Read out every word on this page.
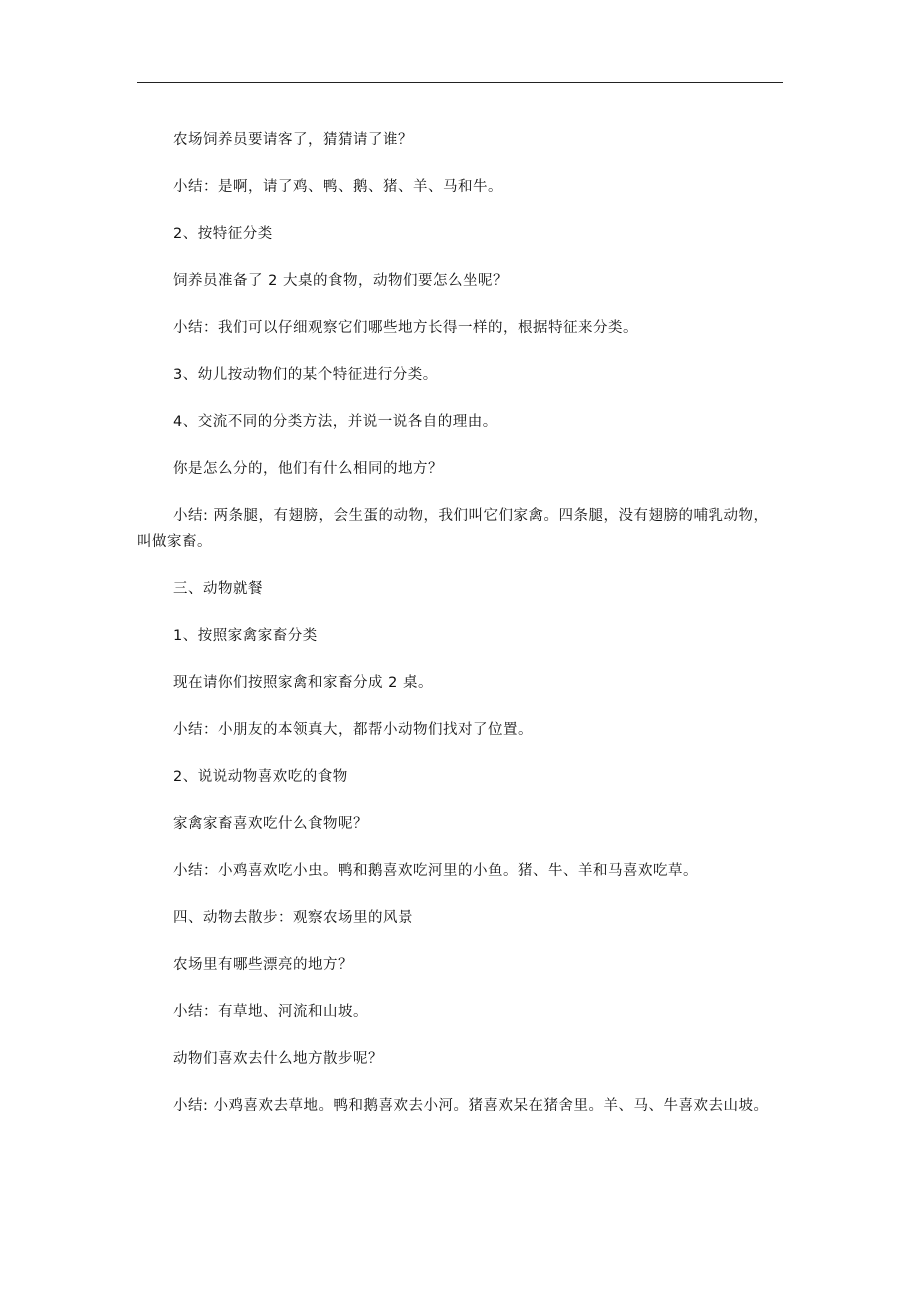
农场饲养员要请客了，猜猜请了谁？

小结：是啊，请了鸡、鸭、鹅、猪、羊、马和牛。

2、按特征分类

饲养员准备了 2 大桌的食物，动物们要怎么坐呢？

小结：我们可以仔细观察它们哪些地方长得一样的，根据特征来分类。

3、幼儿按动物们的某个特征进行分类。

4、交流不同的分类方法，并说一说各自的理由。

你是怎么分的，他们有什么相同的地方？

小结: 两条腿，有翅膀，会生蛋的动物，我们叫它们家禽。四条腿，没有翅膀的哺乳动物，叫做家畜。

三、动物就餐

1、按照家禽家畜分类

现在请你们按照家禽和家畜分成 2 桌。

小结：小朋友的本领真大，都帮小动物们找对了位置。

2、说说动物喜欢吃的食物

家禽家畜喜欢吃什么食物呢？

小结：小鸡喜欢吃小虫。鸭和鹅喜欢吃河里的小鱼。猪、牛、羊和马喜欢吃草。

四、动物去散步：观察农场里的风景

农场里有哪些漂亮的地方？

小结：有草地、河流和山坡。

动物们喜欢去什么地方散步呢？

小结: 小鸡喜欢去草地。鸭和鹅喜欢去小河。猪喜欢呆在猪舍里。羊、马、牛喜欢去山坡。
